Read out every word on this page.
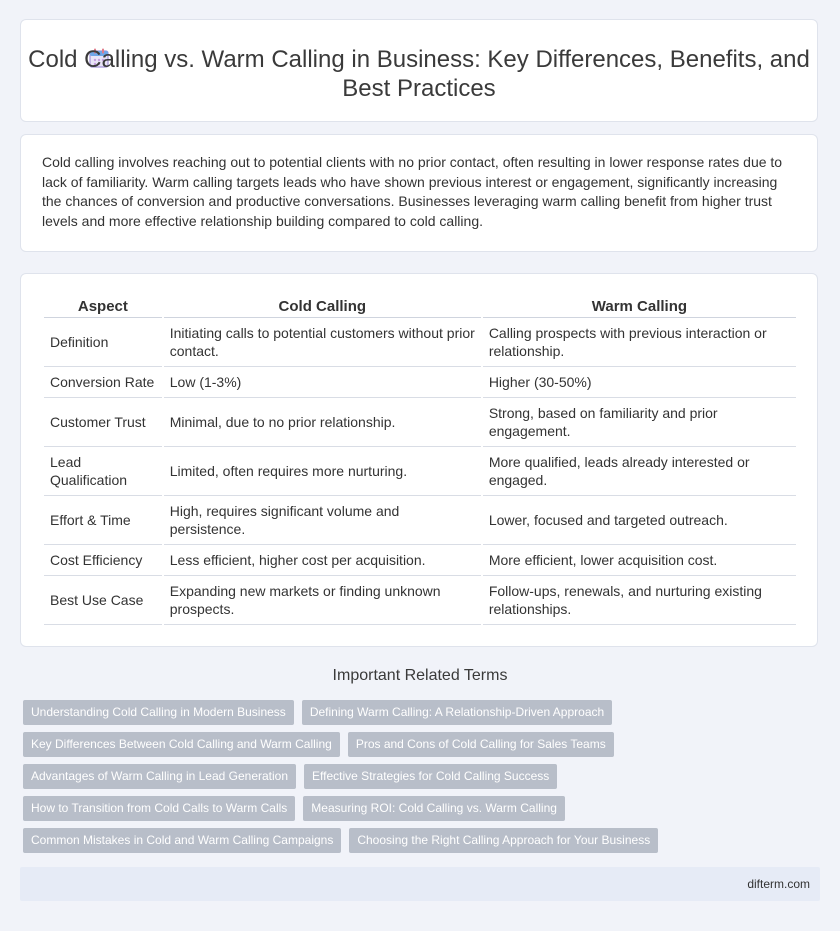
Cold Calling vs. Warm Calling in Business: Key Differences, Benefits, and Best Practices
Cold calling involves reaching out to potential clients with no prior contact, often resulting in lower response rates due to lack of familiarity. Warm calling targets leads who have shown previous interest or engagement, significantly increasing the chances of conversion and productive conversations. Businesses leveraging warm calling benefit from higher trust levels and more effective relationship building compared to cold calling.
Aspect	Cold Calling	Warm Calling
Definition	Initiating calls to potential customers without prior contact.	Calling prospects with previous interaction or relationship.
Conversion Rate	Low (1-3%)	Higher (30-50%)
Customer Trust	Minimal, due to no prior relationship.	Strong, based on familiarity and prior engagement.
Lead Qualification	Limited, often requires more nurturing.	More qualified, leads already interested or engaged.
Effort & Time	High, requires significant volume and persistence.	Lower, focused and targeted outreach.
Cost Efficiency	Less efficient, higher cost per acquisition.	More efficient, lower acquisition cost.
Best Use Case	Expanding new markets or finding unknown prospects.	Follow-ups, renewals, and nurturing existing relationships.
Important Related Terms
Understanding Cold Calling in Modern Business	Defining Warm Calling: A Relationship-Driven Approach
Key Differences Between Cold Calling and Warm Calling	Pros and Cons of Cold Calling for Sales Teams
Advantages of Warm Calling in Lead Generation	Effective Strategies for Cold Calling Success
How to Transition from Cold Calls to Warm Calls	Measuring ROI: Cold Calling vs. Warm Calling
Common Mistakes in Cold and Warm Calling Campaigns	Choosing the Right Calling Approach for Your Business
difterm.com
